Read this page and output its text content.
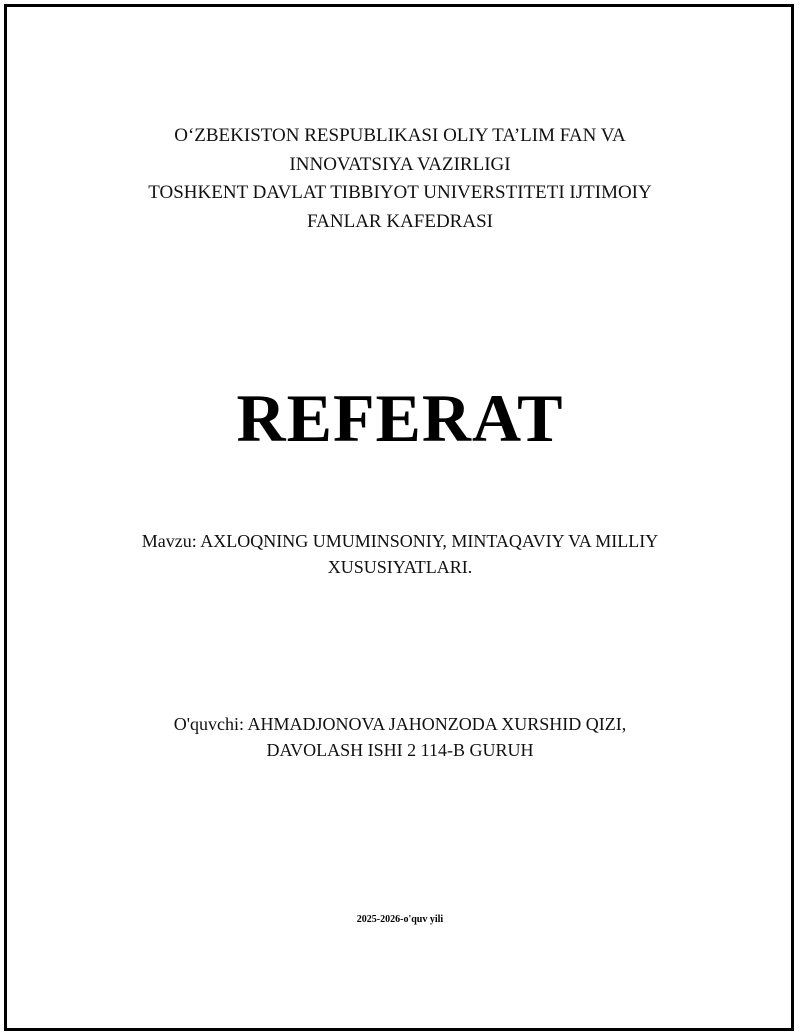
O‘ZBEKISTON RESPUBLIKASI OLIY TA’LIM FAN VA
INNOVATSIYA VAZIRLIGI
TOSHKENT DAVLAT TIBBIYOT UNIVERSTITETI IJTIMOIY
FANLAR KAFEDRASI
REFERAT
Mavzu: AXLOQNING UMUMINSONIY, MINTAQAVIY VA MILLIY
XUSUSIYATLARI.
O'quvchi: AHMADJONOVA JAHONZODA XURSHID QIZI,
DAVOLASH ISHI 2 114-B GURUH
2025-2026-o'quv yili
